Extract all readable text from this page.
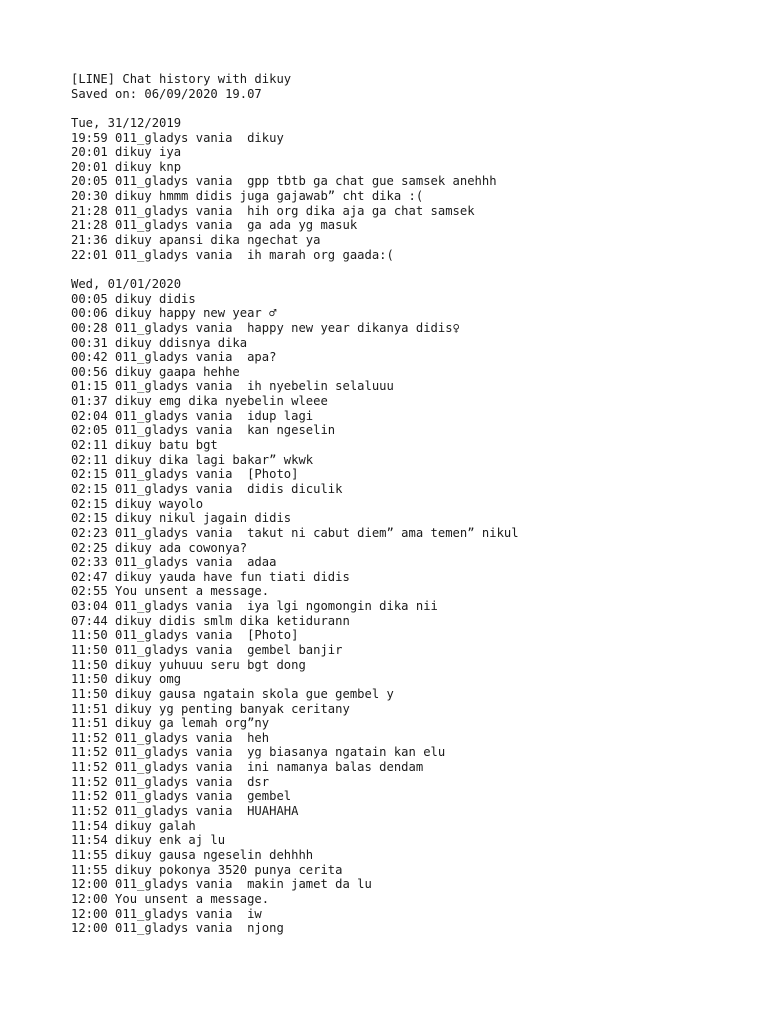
[LINE] Chat history with dikuy
Saved on: 06/09/2020 19.07
Tue, 31/12/2019
19:59 011_gladys vania  dikuy
20:01 dikuy iya
20:01 dikuy knp
20:05 011_gladys vania  gpp tbtb ga chat gue samsek anehhh
20:30 dikuy hmmm didis juga gajawab” cht dika :(
21:28 011_gladys vania  hih org dika aja ga chat samsek
21:28 011_gladys vania  ga ada yg masuk
21:36 dikuy apansi dika ngechat ya
22:01 011_gladys vania  ih marah org gaada:(
Wed, 01/01/2020
00:05 dikuy didis
00:06 dikuy happy new year ♂
00:28 011_gladys vania  happy new year dikanya didis♀
00:31 dikuy ddisnya dika
00:42 011_gladys vania  apa?
00:56 dikuy gaapa hehhe
01:15 011_gladys vania  ih nyebelin selaluuu
01:37 dikuy emg dika nyebelin wleee
02:04 011_gladys vania  idup lagi
02:05 011_gladys vania  kan ngeselin
02:11 dikuy batu bgt
02:11 dikuy dika lagi bakar” wkwk
02:15 011_gladys vania  [Photo]
02:15 011_gladys vania  didis diculik
02:15 dikuy wayolo
02:15 dikuy nikul jagain didis
02:23 011_gladys vania  takut ni cabut diem” ama temen” nikul
02:25 dikuy ada cowonya?
02:33 011_gladys vania  adaa
02:47 dikuy yauda have fun tiati didis
02:55 You unsent a message.
03:04 011_gladys vania  iya lgi ngomongin dika nii
07:44 dikuy didis smlm dika ketidurann
11:50 011_gladys vania  [Photo]
11:50 011_gladys vania  gembel banjir
11:50 dikuy yuhuuu seru bgt dong
11:50 dikuy omg
11:50 dikuy gausa ngatain skola gue gembel y
11:51 dikuy yg penting banyak ceritany
11:51 dikuy ga lemah org”ny
11:52 011_gladys vania  heh
11:52 011_gladys vania  yg biasanya ngatain kan elu
11:52 011_gladys vania  ini namanya balas dendam
11:52 011_gladys vania  dsr
11:52 011_gladys vania  gembel
11:52 011_gladys vania  HUAHAHA
11:54 dikuy galah
11:54 dikuy enk aj lu
11:55 dikuy gausa ngeselin dehhhh
11:55 dikuy pokonya 3520 punya cerita
12:00 011_gladys vania  makin jamet da lu
12:00 You unsent a message.
12:00 011_gladys vania  iw
12:00 011_gladys vania  njong
